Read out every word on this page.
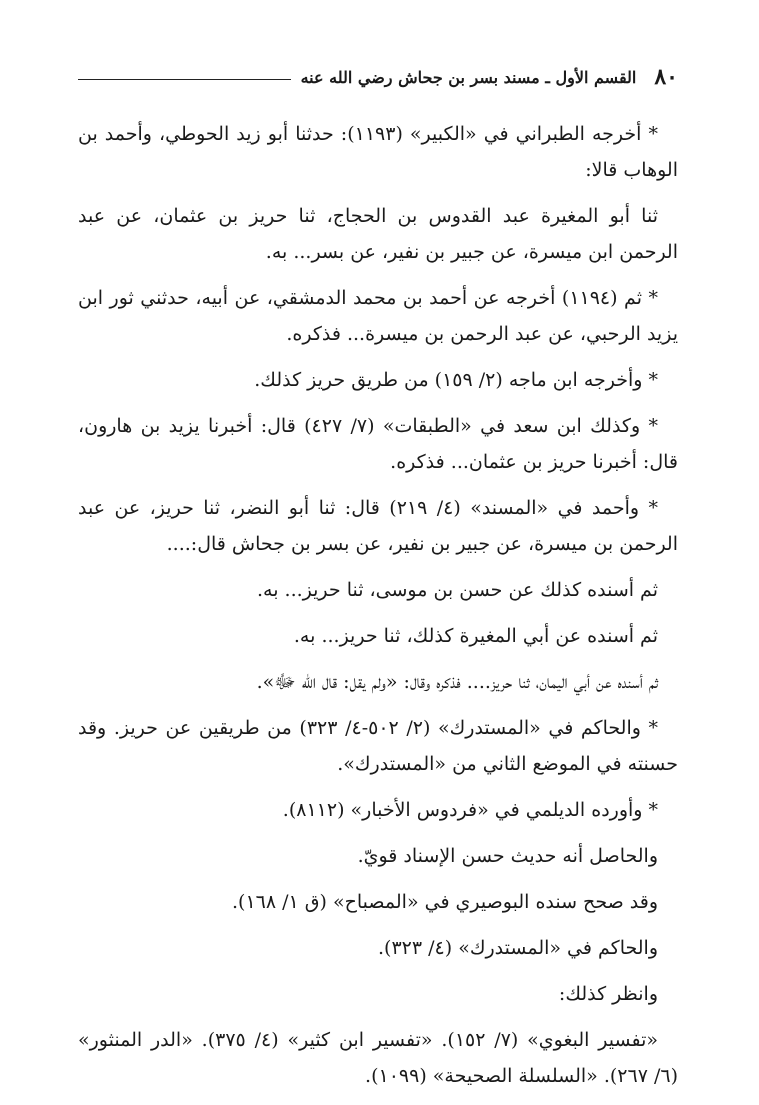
٨٠
القسم الأول ـ مسند بسر بن جحاش رضي الله عنه

* أخرجه الطبراني في «الكبير» (١١٩٣): حدثنا أبو زيد الحوطي، وأحمد بن الوهاب قالا:

ثنا أبو المغيرة عبد القدوس بن الحجاج، ثنا حريز بن عثمان، عن عبد الرحمن ابن ميسرة، عن جبير بن نفير، عن بسر... به.

* ثم (١١٩٤) أخرجه عن أحمد بن محمد الدمشقي، عن أبيه، حدثني ثور ابن يزيد الرحبي، عن عبد الرحمن بن ميسرة... فذكره.

* وأخرجه ابن ماجه (٢/ ١٥٩) من طريق حريز كذلك.

* وكذلك ابن سعد في «الطبقات» (٧/ ٤٢٧) قال: أخبرنا يزيد بن هارون، قال: أخبرنا حريز بن عثمان... فذكره.

* وأحمد في «المسند» (٤/ ٢١٩) قال: ثنا أبو النضر، ثنا حريز، عن عبد الرحمن بن ميسرة، عن جبير بن نفير، عن بسر بن جحاش قال:....

ثم أسنده كذلك عن حسن بن موسى، ثنا حريز... به.

ثم أسنده عن أبي المغيرة كذلك، ثنا حريز... به.

ثم أسنده عن أبي اليمان، ثنا حريز.... فذكره وقال: «ولم يقل: قال الله ﷻ».

* والحاكم في «المستدرك» (٢/ ٥٠٢-٤/ ٣٢٣) من طريقين عن حريز. وقد حسنته في الموضع الثاني من «المستدرك».

* وأورده الديلمي في «فردوس الأخبار» (٨١١٢).

والحاصل أنه حديث حسن الإسناد قويّ.

وقد صحح سنده البوصيري في «المصباح» (ق ١/ ١٦٨).

والحاكم في «المستدرك» (٤/ ٣٢٣).

وانظر كذلك:

«تفسير البغوي» (٧/ ١٥٢). «تفسير ابن كثير» (٤/ ٣٧٥). «الدر المنثور» (٦/ ٢٦٧). «السلسلة الصحيحة» (١٠٩٩).
